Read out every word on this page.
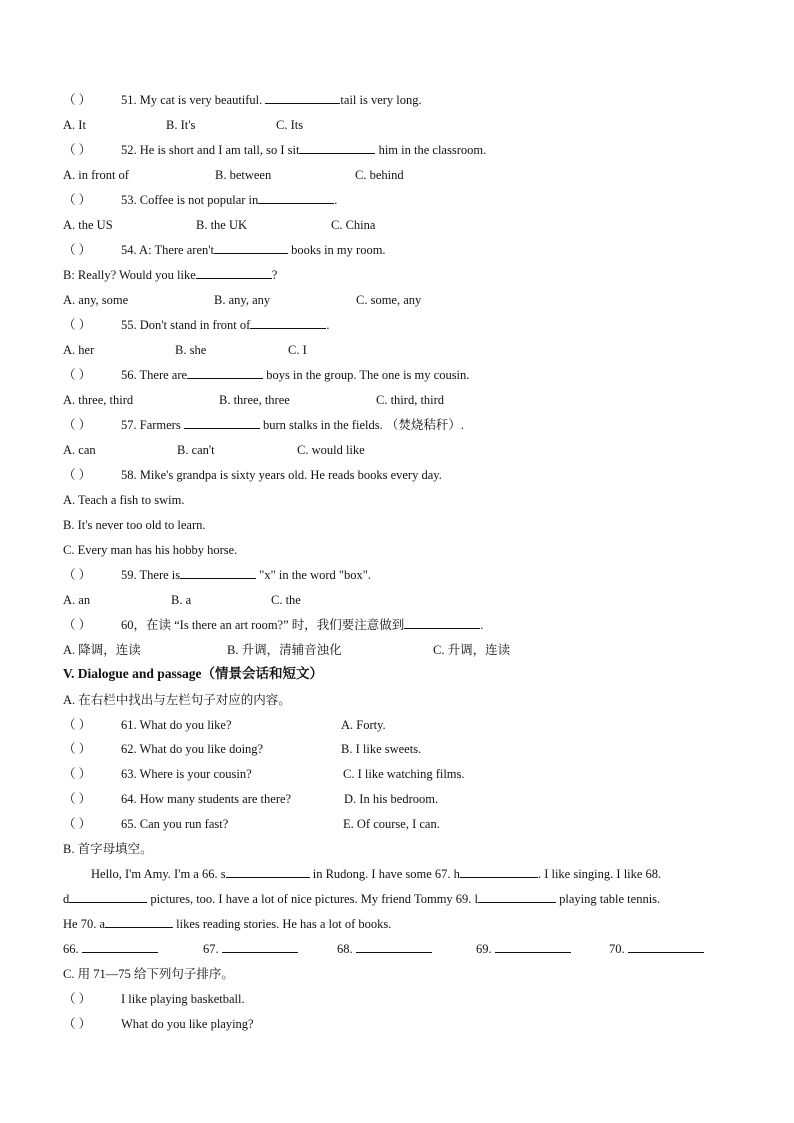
（ ） 51. My cat is very beautiful.	tail is very long.
A. It	B. It's	C. Its
（ ） 52. He is short and I am tall, so I sit	him in the classroom.
A. in front of	B. between	C. behind
（ ） 53. Coffee is not popular in	.
A. the US	B. the UK	C. China
（ ） 54. A: There aren't	books in my room.
B: Really? Would you like	?
A. any, some	B. any, any	C. some, any
（ ） 55. Don't stand in front of	.
A. her	B. she	C. I
（ ） 56. There are	boys in the group. The one is my cousin.
A. three, third	B. three, three	C. third, third
（ ） 57. Farmers	burn stalks in the fields. （焚烧秸秆）.
A. can	B. can't	C. would like
（ ） 58. Mike's grandpa is sixty years old. He reads books every day.
A. Teach a fish to swim.
B. It's never too old to learn.
C. Every man has his hobby horse.
（ ） 59. There is	"x" in the word "box".
A. an	B. a	C. the
（ ） 60，在读 “Is there an art room?” 时，我们要注意做到	.
A. 降调，连读	B. 升调，清辅音浊化	C. 升调，连读
V. Dialogue and passage（情景会话和短文）
A. 在右栏中找出与左栏句子对应的内容。
（ ） 61. What do you like?	A. Forty.
（ ） 62. What do you like doing?	B. I like sweets.
（ ） 63. Where is your cousin?	C. I like watching films.
（ ） 64. How many students are there?	D. In his bedroom.
（ ） 65. Can you run fast?	E. Of course, I can.
B. 首字母填空。
Hello, I'm Amy. I'm a 66. s	in Rudong. I have some 67. h	. I like singing. I like 68.
d	pictures, too. I have a lot of nice pictures. My friend Tommy 69. l	playing table tennis.
He 70. a	likes reading stories. He has a lot of books.
66.	67.	68.	69.	70.
C. 用 71—75 给下列句子排序。
（ ） I like playing basketball.
（ ） What do you like playing?
